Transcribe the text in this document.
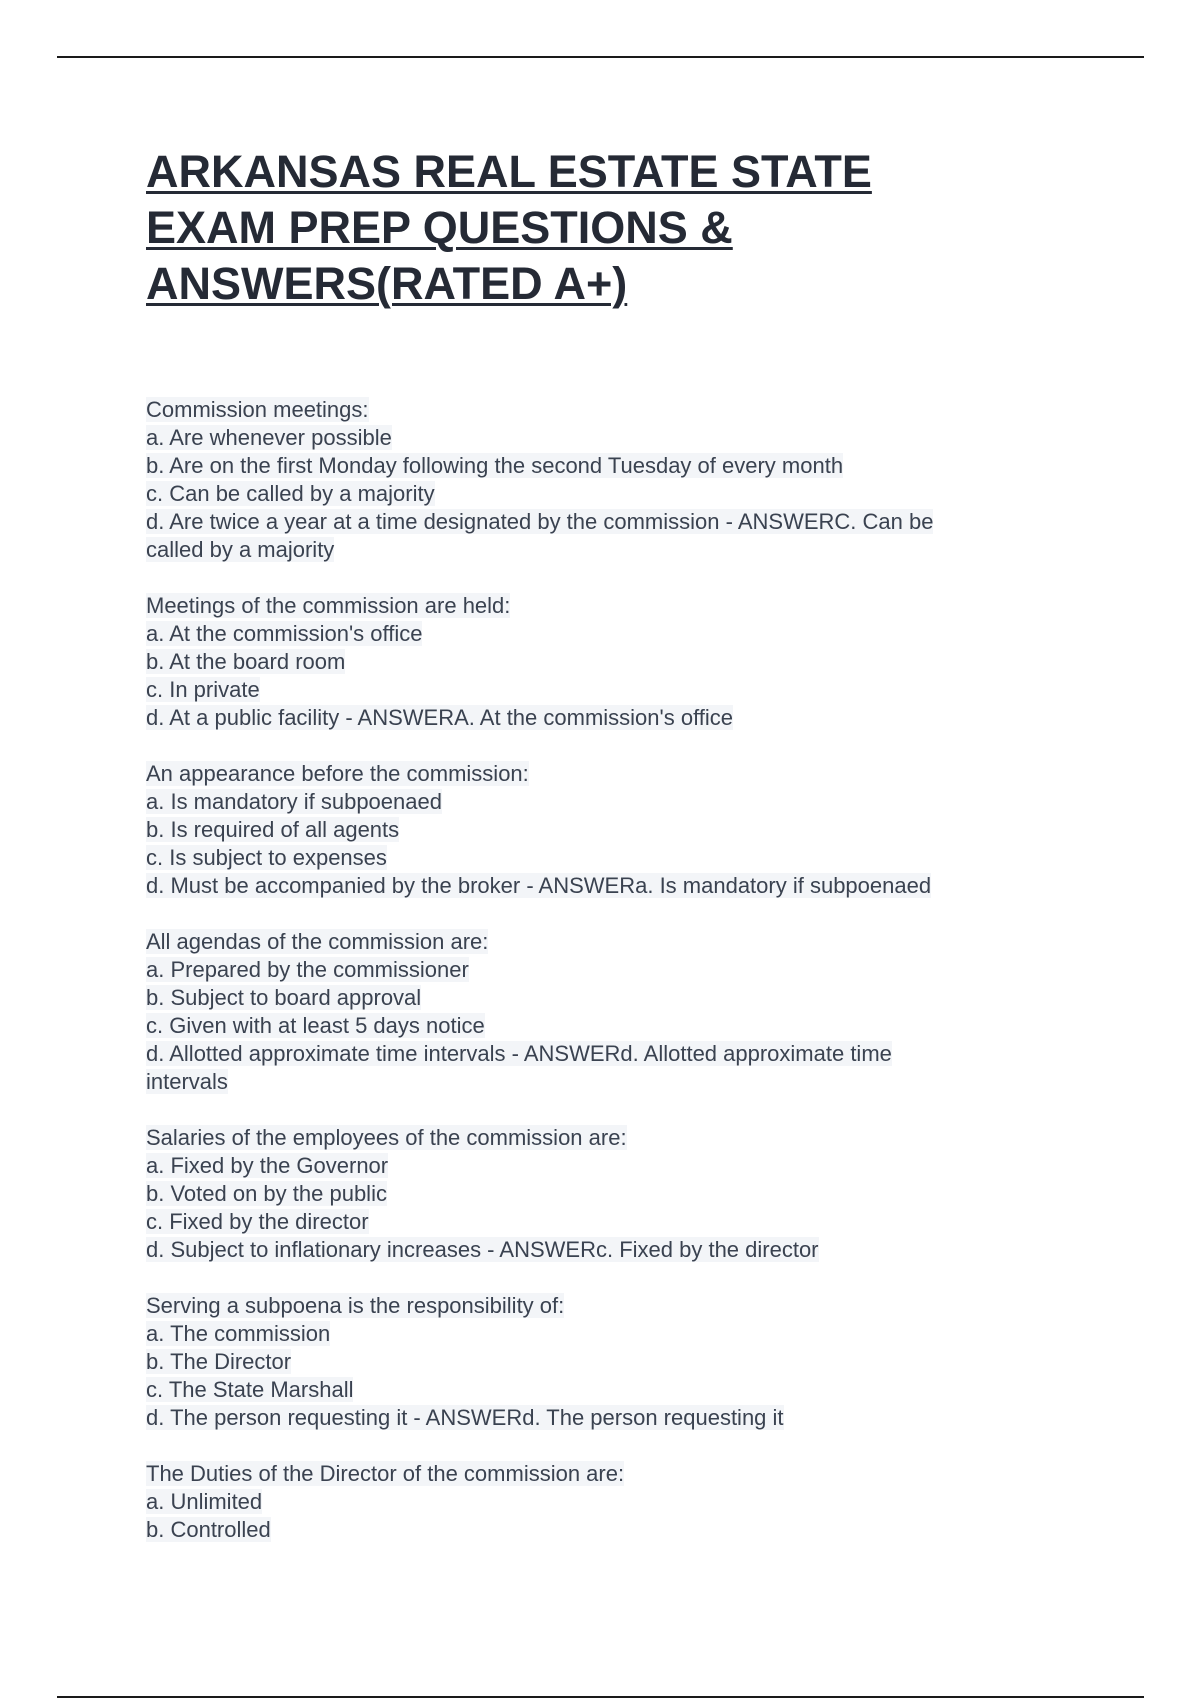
ARKANSAS REAL ESTATE STATE
EXAM PREP QUESTIONS &
ANSWERS(RATED A+)
Commission meetings:
a. Are whenever possible
b. Are on the first Monday following the second Tuesday of every month
c. Can be called by a majority
d. Are twice a year at a time designated by the commission - ANSWERC. Can be
called by a majority
Meetings of the commission are held:
a. At the commission's office
b. At the board room
c. In private
d. At a public facility - ANSWERA. At the commission's office
An appearance before the commission:
a. Is mandatory if subpoenaed
b. Is required of all agents
c. Is subject to expenses
d. Must be accompanied by the broker - ANSWERa. Is mandatory if subpoenaed
All agendas of the commission are:
a. Prepared by the commissioner
b. Subject to board approval
c. Given with at least 5 days notice
d. Allotted approximate time intervals - ANSWERd. Allotted approximate time
intervals
Salaries of the employees of the commission are:
a. Fixed by the Governor
b. Voted on by the public
c. Fixed by the director
d. Subject to inflationary increases - ANSWERc. Fixed by the director
Serving a subpoena is the responsibility of:
a. The commission
b. The Director
c. The State Marshall
d. The person requesting it - ANSWERd. The person requesting it
The Duties of the Director of the commission are:
a. Unlimited
b. Controlled
